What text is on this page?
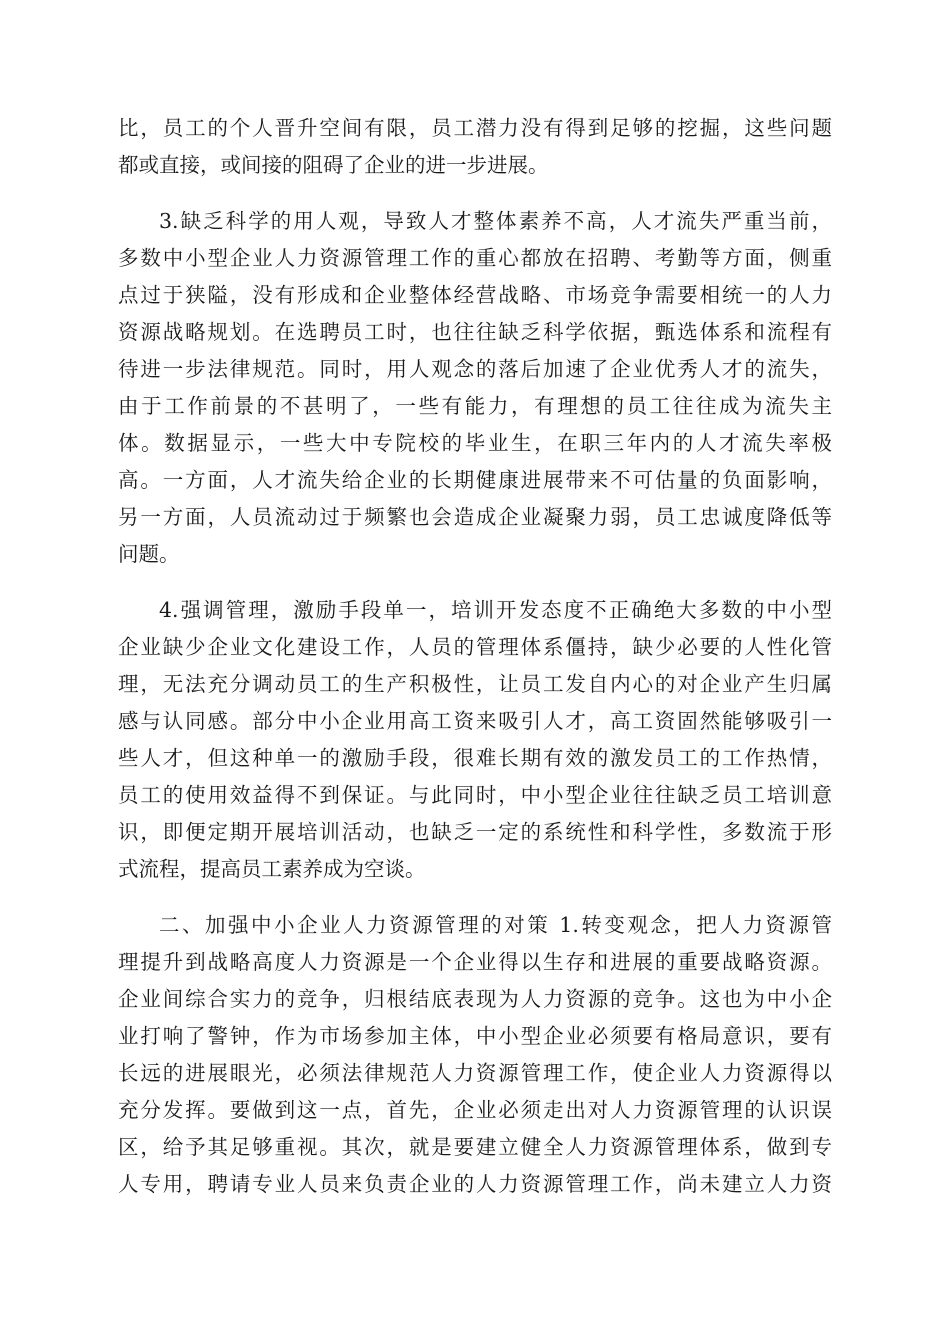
比，员工的个人晋升空间有限，员工潜力没有得到足够的挖掘，这些问题
都或直接，或间接的阻碍了企业的进一步进展。
3.缺乏科学的用人观，导致人才整体素养不高，人才流失严重当前，
多数中小型企业人力资源管理工作的重心都放在招聘、考勤等方面，侧重
点过于狭隘，没有形成和企业整体经营战略、市场竞争需要相统一的人力
资源战略规划。在选聘员工时，也往往缺乏科学依据，甄选体系和流程有
待进一步法律规范。同时，用人观念的落后加速了企业优秀人才的流失，
由于工作前景的不甚明了，一些有能力，有理想的员工往往成为流失主
体。数据显示，一些大中专院校的毕业生，在职三年内的人才流失率极
高。一方面，人才流失给企业的长期健康进展带来不可估量的负面影响，
另一方面，人员流动过于频繁也会造成企业凝聚力弱，员工忠诚度降低等
问题。
4.强调管理，激励手段单一，培训开发态度不正确绝大多数的中小型
企业缺少企业文化建设工作，人员的管理体系僵持，缺少必要的人性化管
理，无法充分调动员工的生产积极性，让员工发自内心的对企业产生归属
感与认同感。部分中小企业用高工资来吸引人才，高工资固然能够吸引一
些人才，但这种单一的激励手段，很难长期有效的激发员工的工作热情，
员工的使用效益得不到保证。与此同时，中小型企业往往缺乏员工培训意
识，即便定期开展培训活动，也缺乏一定的系统性和科学性，多数流于形
式流程，提高员工素养成为空谈。
二、加强中小企业人力资源管理的对策 1.转变观念，把人力资源管
理提升到战略高度人力资源是一个企业得以生存和进展的重要战略资源。
企业间综合实力的竞争，归根结底表现为人力资源的竞争。这也为中小企
业打响了警钟，作为市场参加主体，中小型企业必须要有格局意识，要有
长远的进展眼光，必须法律规范人力资源管理工作，使企业人力资源得以
充分发挥。要做到这一点，首先，企业必须走出对人力资源管理的认识误
区，给予其足够重视。其次，就是要建立健全人力资源管理体系，做到专
人专用，聘请专业人员来负责企业的人力资源管理工作，尚未建立人力资
